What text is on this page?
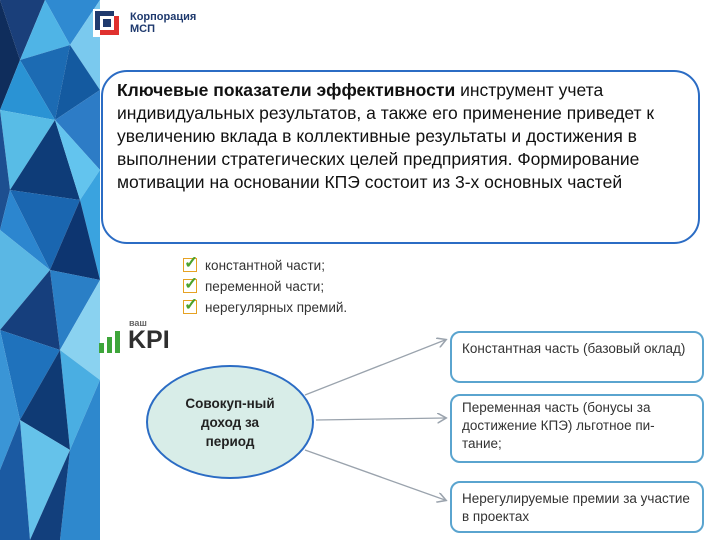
Корпорация
МСП
Ключевые показатели эффективности инструмент учета индивидуальных результатов, а также его применение приведет к увеличению вклада в коллективные результаты и достижения в выполнении стратегических целей предприятия. Формирование мотивации на основании КПЭ состоит из 3-х основных частей
✓
константной части;
✓
переменной части;
✓
нерегулярных премий.
ваш
KPI
Совокуп-ный доход за период
Константная часть (базовый оклад)
Переменная часть (бонусы за достижение КПЭ) льготное пи-тание;
Нерегулируемые премии за участие в проектах
